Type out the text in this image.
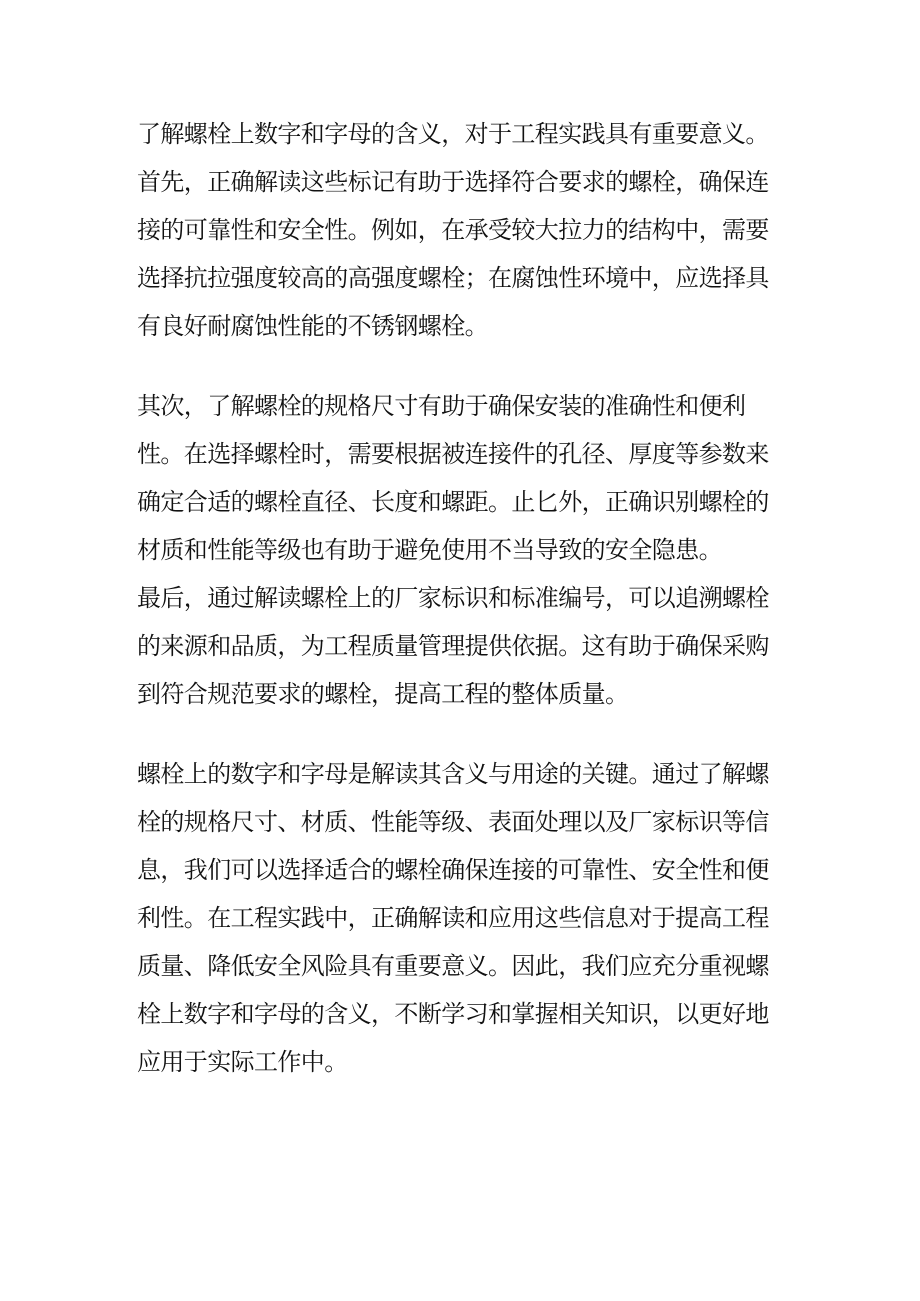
了解螺栓上数字和字母的含义，对于工程实践具有重要意义。首先，正确解读这些标记有助于选择符合要求的螺栓，确保连接的可靠性和安全性。例如，在承受较大拉力的结构中，需要选择抗拉强度较高的高强度螺栓；在腐蚀性环境中，应选择具有良好耐腐蚀性能的不锈钢螺栓。

其次，了解螺栓的规格尺寸有助于确保安装的准确性和便利性。在选择螺栓时，需要根据被连接件的孔径、厚度等参数来确定合适的螺栓直径、长度和螺距。止匕外，正确识别螺栓的材质和性能等级也有助于避免使用不当导致的安全隐患。

最后，通过解读螺栓上的厂家标识和标准编号，可以追溯螺栓的来源和品质，为工程质量管理提供依据。这有助于确保采购到符合规范要求的螺栓，提高工程的整体质量。

螺栓上的数字和字母是解读其含义与用途的关键。通过了解螺栓的规格尺寸、材质、性能等级、表面处理以及厂家标识等信息，我们可以选择适合的螺栓确保连接的可靠性、安全性和便利性。在工程实践中，正确解读和应用这些信息对于提高工程质量、降低安全风险具有重要意义。因此，我们应充分重视螺栓上数字和字母的含义，不断学习和掌握相关知识，以更好地应用于实际工作中。
